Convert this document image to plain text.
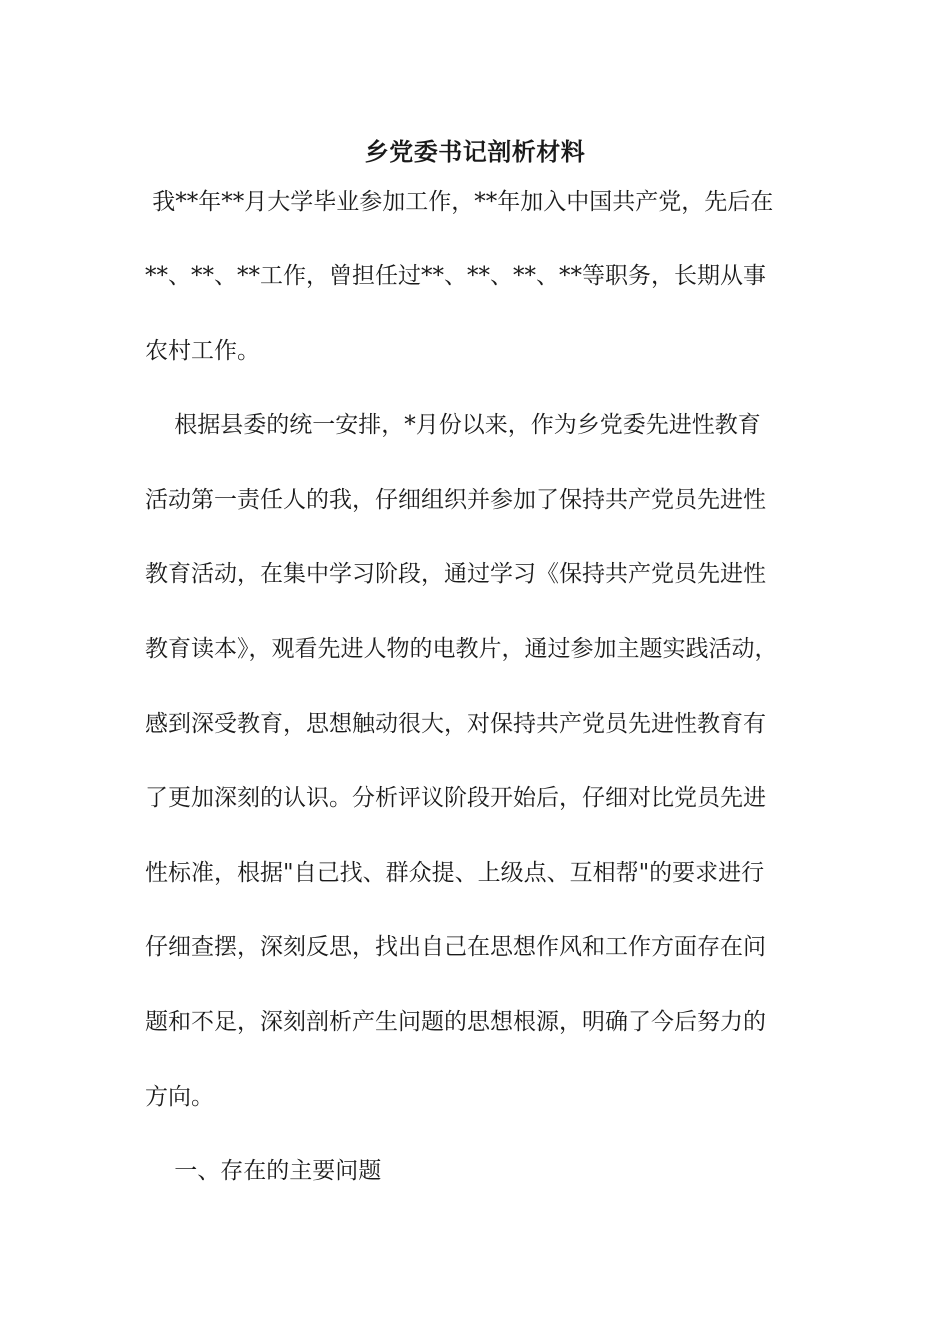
乡党委书记剖析材料
我**年**月大学毕业参加工作，**年加入中国共产党，先后在
**、**、**工作，曾担任过**、**、**、**等职务，长期从事
农村工作。
根据县委的统一安排，*月份以来，作为乡党委先进性教育
活动第一责任人的我，仔细组织并参加了保持共产党员先进性
教育活动，在集中学习阶段，通过学习《保持共产党员先进性
教育读本》，观看先进人物的电教片，通过参加主题实践活动，
感到深受教育，思想触动很大，对保持共产党员先进性教育有
了更加深刻的认识。分析评议阶段开始后，仔细对比党员先进
性标准，根据"自己找、群众提、上级点、互相帮"的要求进行
仔细查摆，深刻反思，找出自己在思想作风和工作方面存在问
题和不足，深刻剖析产生问题的思想根源，明确了今后努力的
方向。
一、存在的主要问题
